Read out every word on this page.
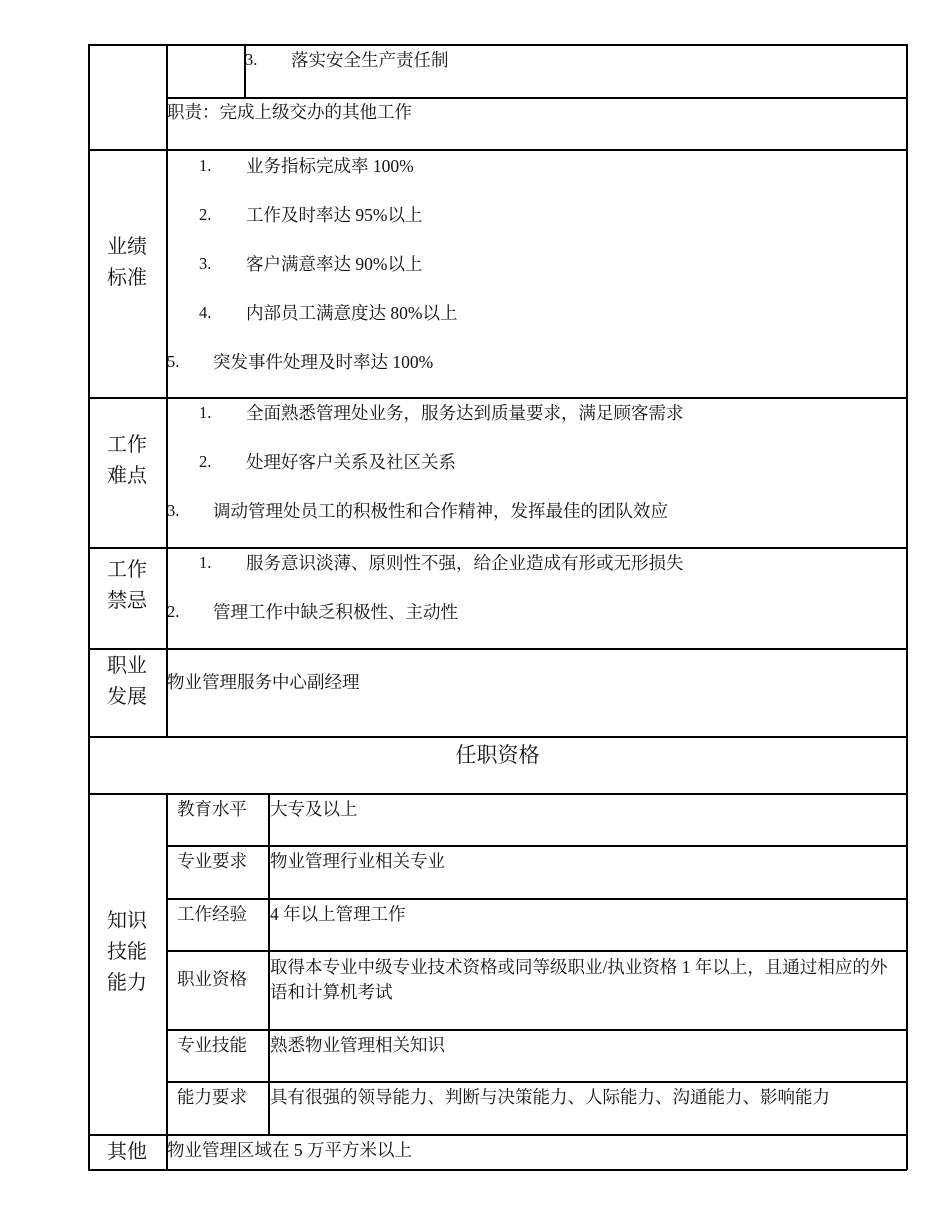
3. 落实安全生产责任制
职责：完成上级交办的其他工作
业绩标准
1. 业务指标完成率 100%
2. 工作及时率达 95%以上
3. 客户满意率达 90%以上
4. 内部员工满意度达 80%以上
5. 突发事件处理及时率达 100%
工作难点
1. 全面熟悉管理处业务，服务达到质量要求，满足顾客需求
2. 处理好客户关系及社区关系
3. 调动管理处员工的积极性和合作精神，发挥最佳的团队效应
工作禁忌
1. 服务意识淡薄、原则性不强，给企业造成有形或无形损失
2. 管理工作中缺乏积极性、主动性
职业发展
物业管理服务中心副经理
任职资格
知识技能能力
教育水平 大专及以上
专业要求 物业管理行业相关专业
工作经验 4 年以上管理工作
职业资格
取得本专业中级专业技术资格或同等级职业/执业资格 1 年以上，且通过相应的外语和计算机考试
专业技能 熟悉物业管理相关知识
能力要求 具有很强的领导能力、判断与决策能力、人际能力、沟通能力、影响能力
其他	物业管理区域在 5 万平方米以上
